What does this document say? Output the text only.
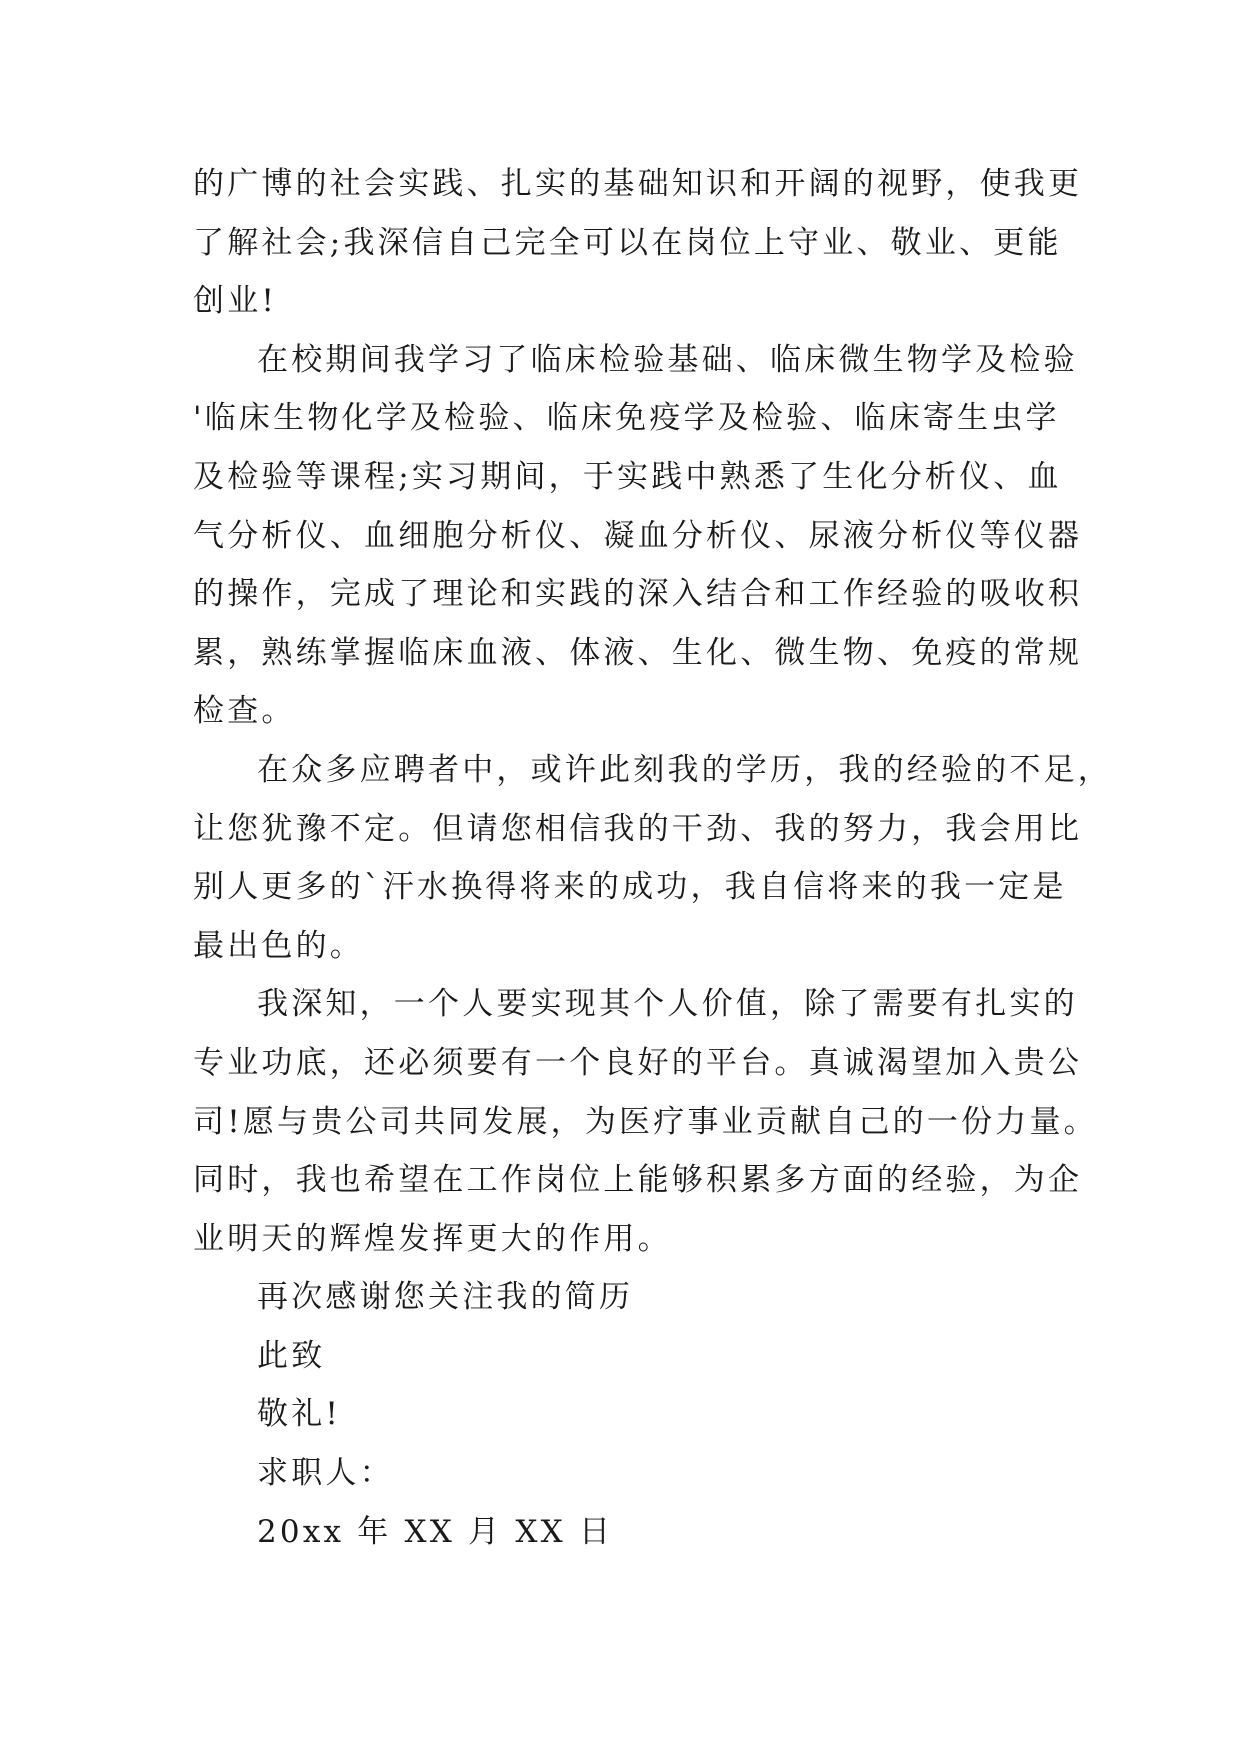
的广博的社会实践、扎实的基础知识和开阔的视野，使我更
了解社会;我深信自己完全可以在岗位上守业、敬业、更能
创业!
在校期间我学习了临床检验基础、临床微生物学及检验
'临床生物化学及检验、临床免疫学及检验、临床寄生虫学
及检验等课程;实习期间，于实践中熟悉了生化分析仪、血
气分析仪、血细胞分析仪、凝血分析仪、尿液分析仪等仪器
的操作，完成了理论和实践的深入结合和工作经验的吸收积
累，熟练掌握临床血液、体液、生化、微生物、免疫的常规
检查。
在众多应聘者中，或许此刻我的学历，我的经验的不足，
让您犹豫不定。但请您相信我的干劲、我的努力，我会用比
别人更多的`汗水换得将来的成功，我自信将来的我一定是
最出色的。
我深知，一个人要实现其个人价值，除了需要有扎实的
专业功底，还必须要有一个良好的平台。真诚渴望加入贵公
司!愿与贵公司共同发展，为医疗事业贡献自己的一份力量。
同时，我也希望在工作岗位上能够积累多方面的经验，为企
业明天的辉煌发挥更大的作用。
再次感谢您关注我的简历
此致
敬礼!
求职人：
20xx 年 XX 月 XX 日
